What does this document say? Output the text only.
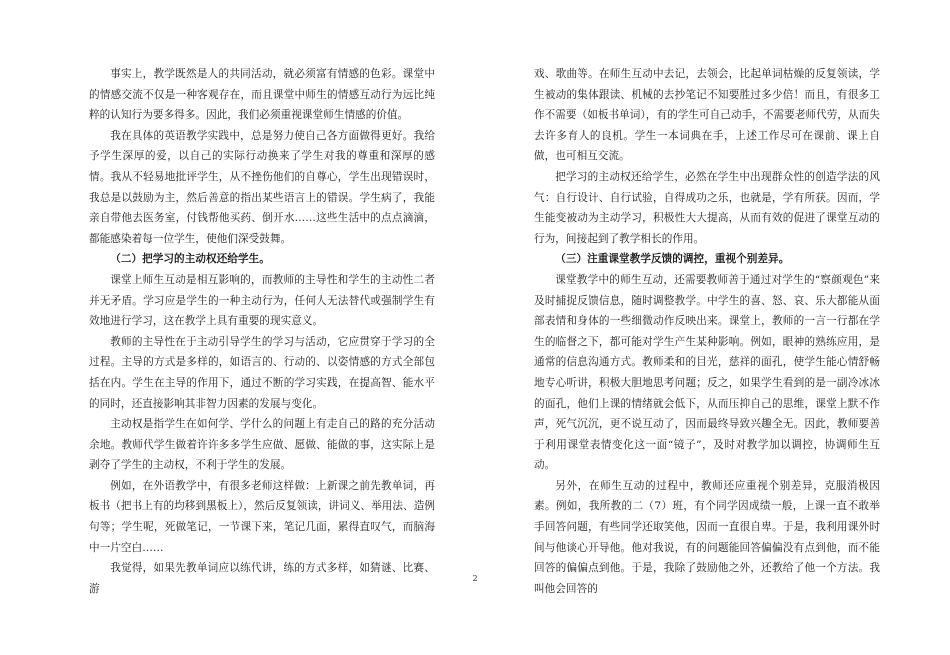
事实上，教学既然是人的共同活动，就必须富有情感的色彩。课堂中的情感交流不仅是一种客观存在，而且课堂中师生的情感互动行为远比纯粹的认知行为要多得多。因此，我们必须重视课堂师生情感的价值。

我在具体的英语教学实践中，总是努力使自己各方面做得更好。我给予学生深厚的爱，以自己的实际行动换来了学生对我的尊重和深厚的感情。我从不轻易地批评学生，从不挫伤他们的自尊心，学生出现错误时，我总是以鼓励为主，然后善意的指出某些语言上的错误。学生病了，我能亲自带他去医务室，付钱帮他买药、倒开水……这些生活中的点点滴滴，都能感染着每一位学生，使他们深受鼓舞。

（二）把学习的主动权还给学生。

课堂上师生互动是相互影响的，而教师的主导性和学生的主动性二者并无矛盾。学习应是学生的一种主动行为，任何人无法替代或强制学生有效地进行学习，这在教学上具有重要的现实意义。

教师的主导性在于主动引导学生的学习与活动，它应贯穿于学习的全过程。主导的方式是多样的，如语言的、行动的、以姿情感的方式全部包括在内。学生在主导的作用下，通过不断的学习实践，在提高智、能水平的同时，还直接影响其非智力因素的发展与变化。

主动权是指学生在如何学、学什么的问题上有走自己的路的充分活动余地。教师代学生做着许许多多学生应做、愿做、能做的事，这实际上是剥夺了学生的主动权，不利于学生的发展。

例如，在外语教学中，有很多老师这样做：上新课之前先教单词，再板书（把书上有的均移到黑板上），然后反复领读，讲词义、举用法、造例句等；学生呢，死做笔记，一节课下来，笔记几面，累得直叹气，而脑海中一片空白……

我觉得，如果先教单词应以练代讲，练的方式多样，如猜谜、比赛、游

戏、歌曲等。在师生互动中去记，去领会，比起单词枯燥的反复领读，学生被动的集体跟读、机械的去抄笔记不知要胜过多少倍！而且，有很多工作不需要（如板书单词），有的学生可自己动手，不需要老师代劳，从而失去许多育人的良机。学生一本词典在手，上述工作尽可在课前、课上自做，也可相互交流。

把学习的主动权还给学生，必然在学生中出现群众性的创造学法的风气：自行设计、自行试验，自得成功之乐，也就是，学有所获。因而，学生能变被动为主动学习，积极性大大提高，从而有效的促进了课堂互动的行为，间接起到了教学相长的作用。

（三）注重课堂教学反馈的调控，重视个别差异。

课堂教学中的师生互动，还需要教师善于通过对学生的“察颜观色”来及时捕捉反馈信息，随时调整教学。中学生的喜、怒、哀、乐大都能从面部表情和身体的一些细微动作反映出来。课堂上，教师的一言一行都在学生的临督之下，都可能对学生产生某种影响。例如，眼神的熟练应用，是通常的信息沟通方式。教师柔和的目光，慈祥的面孔，使学生能心情舒畅地专心听讲，积极大胆地思考问题；反之，如果学生看到的是一副冷冰冰的面孔，他们上课的情绪就会低下，从而压抑自己的思维，课堂上默不作声，死气沉沉，更不说互动了，因而最终导致兴趣全无。因此，教师要善于利用课堂表情变化这一面“镜子”，及时对教学加以调控，协调师生互动。

另外，在师生互动的过程中，教师还应重视个别差异，克服消极因素。例如，我所教的二（7）班，有个同学因成绩一般，上课一直不敢举手回答问题，有些同学还取笑他，因而一直很自卑。于是，我利用课外时间与他谈心开导他。他对我说，有的问题能回答偏偏没有点到他，而不能回答的偏偏点到他。于是，我除了鼓励他之外，还教给了他一个方法。我叫他会回答的

2
